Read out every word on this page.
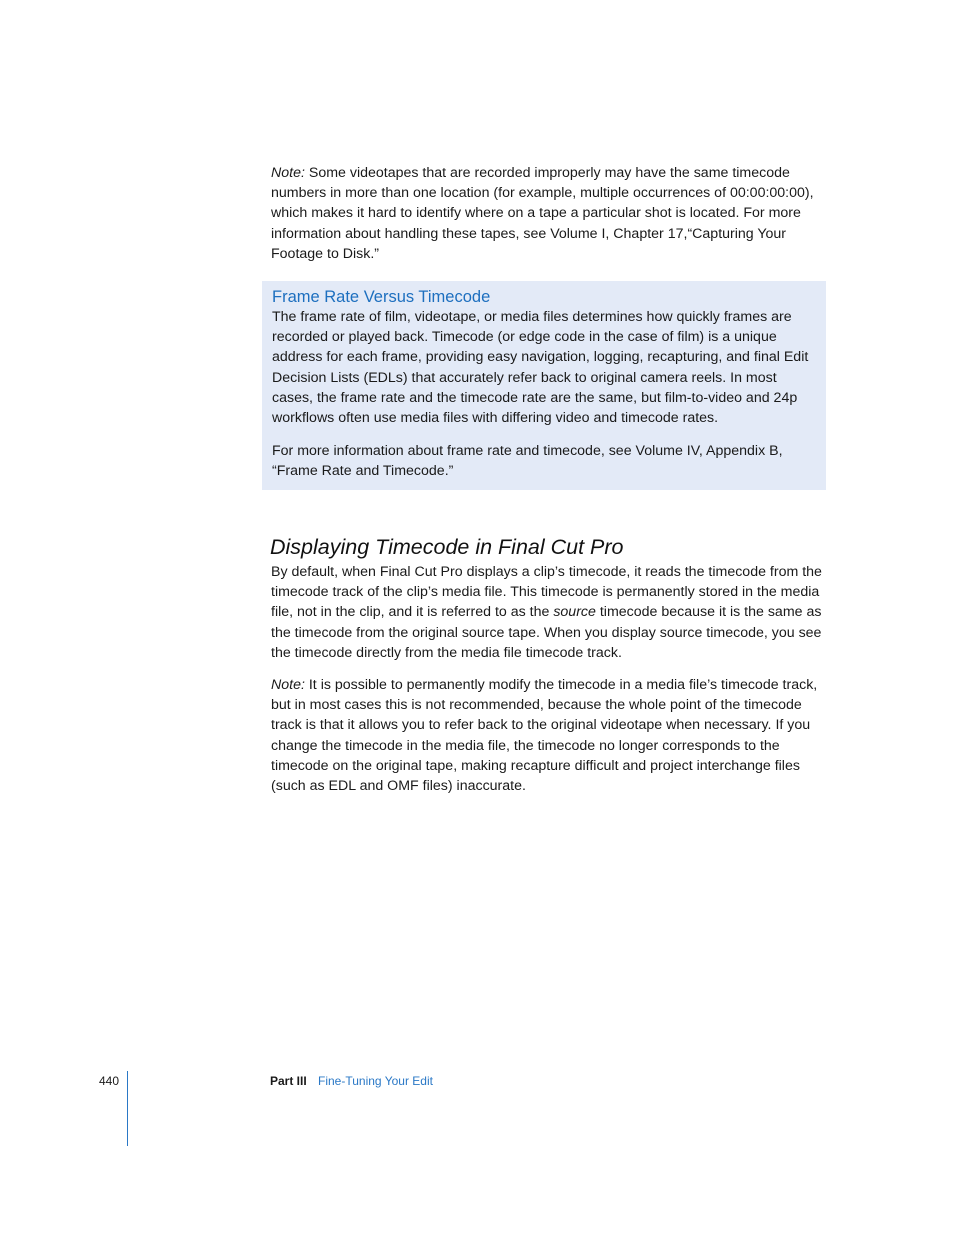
Note: Some videotapes that are recorded improperly may have the same timecode numbers in more than one location (for example, multiple occurrences of 00:00:00:00), which makes it hard to identify where on a tape a particular shot is located. For more information about handling these tapes, see Volume I, Chapter 17,“Capturing Your Footage to Disk.”

Frame Rate Versus Timecode

The frame rate of film, videotape, or media files determines how quickly frames are recorded or played back. Timecode (or edge code in the case of film) is a unique address for each frame, providing easy navigation, logging, recapturing, and final Edit Decision Lists (EDLs) that accurately refer back to original camera reels. In most cases, the frame rate and the timecode rate are the same, but film-to-video and 24p workflows often use media files with differing video and timecode rates.

For more information about frame rate and timecode, see Volume IV, Appendix B, “Frame Rate and Timecode.”

Displaying Timecode in Final Cut Pro

By default, when Final Cut Pro displays a clip’s timecode, it reads the timecode from the timecode track of the clip’s media file. This timecode is permanently stored in the media file, not in the clip, and it is referred to as the source timecode because it is the same as the timecode from the original source tape. When you display source timecode, you see the timecode directly from the media file timecode track.

Note: It is possible to permanently modify the timecode in a media file’s timecode track, but in most cases this is not recommended, because the whole point of the timecode track is that it allows you to refer back to the original videotape when necessary. If you change the timecode in the media file, the timecode no longer corresponds to the timecode on the original tape, making recapture difficult and project interchange files (such as EDL and OMF files) inaccurate.

440	Part III Fine-Tuning Your Edit
